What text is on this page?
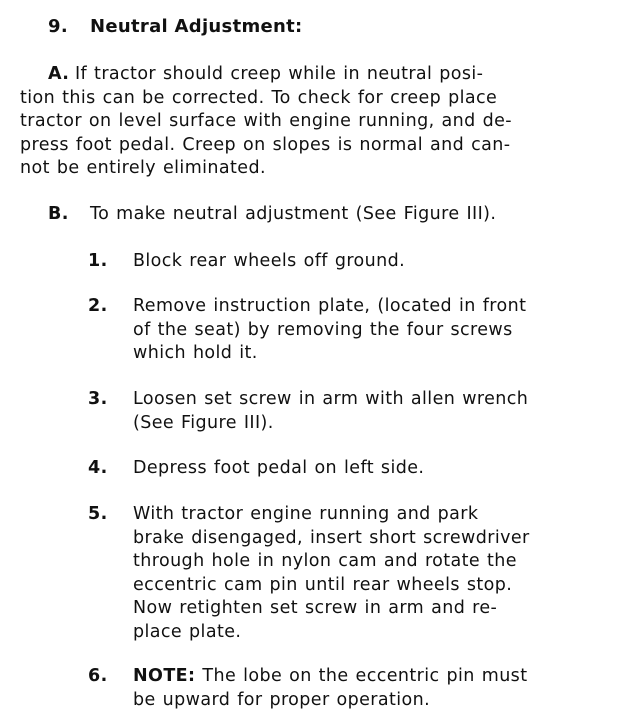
9. Neutral Adjustment:
A. If tractor should creep while in neutral posi-
tion this can be corrected. To check for creep place
tractor on level surface with engine running, and de-
press foot pedal. Creep on slopes is normal and can-
not be entirely eliminated.
B. To make neutral adjustment (See Figure III).
1.	Block rear wheels off ground.
2.	Remove instruction plate, (located in front
of the seat) by removing the four screws
which hold it.
3.	Loosen set screw in arm with allen wrench
(See Figure III).
4.	Depress foot pedal on left side.
5.	With tractor engine running and park
brake disengaged, insert short screwdriver
through hole in nylon cam and rotate the
eccentric cam pin until rear wheels stop.
Now retighten set screw in arm and re-
place plate.
6.	NOTE: The lobe on the eccentric pin must
be upward for proper operation.
